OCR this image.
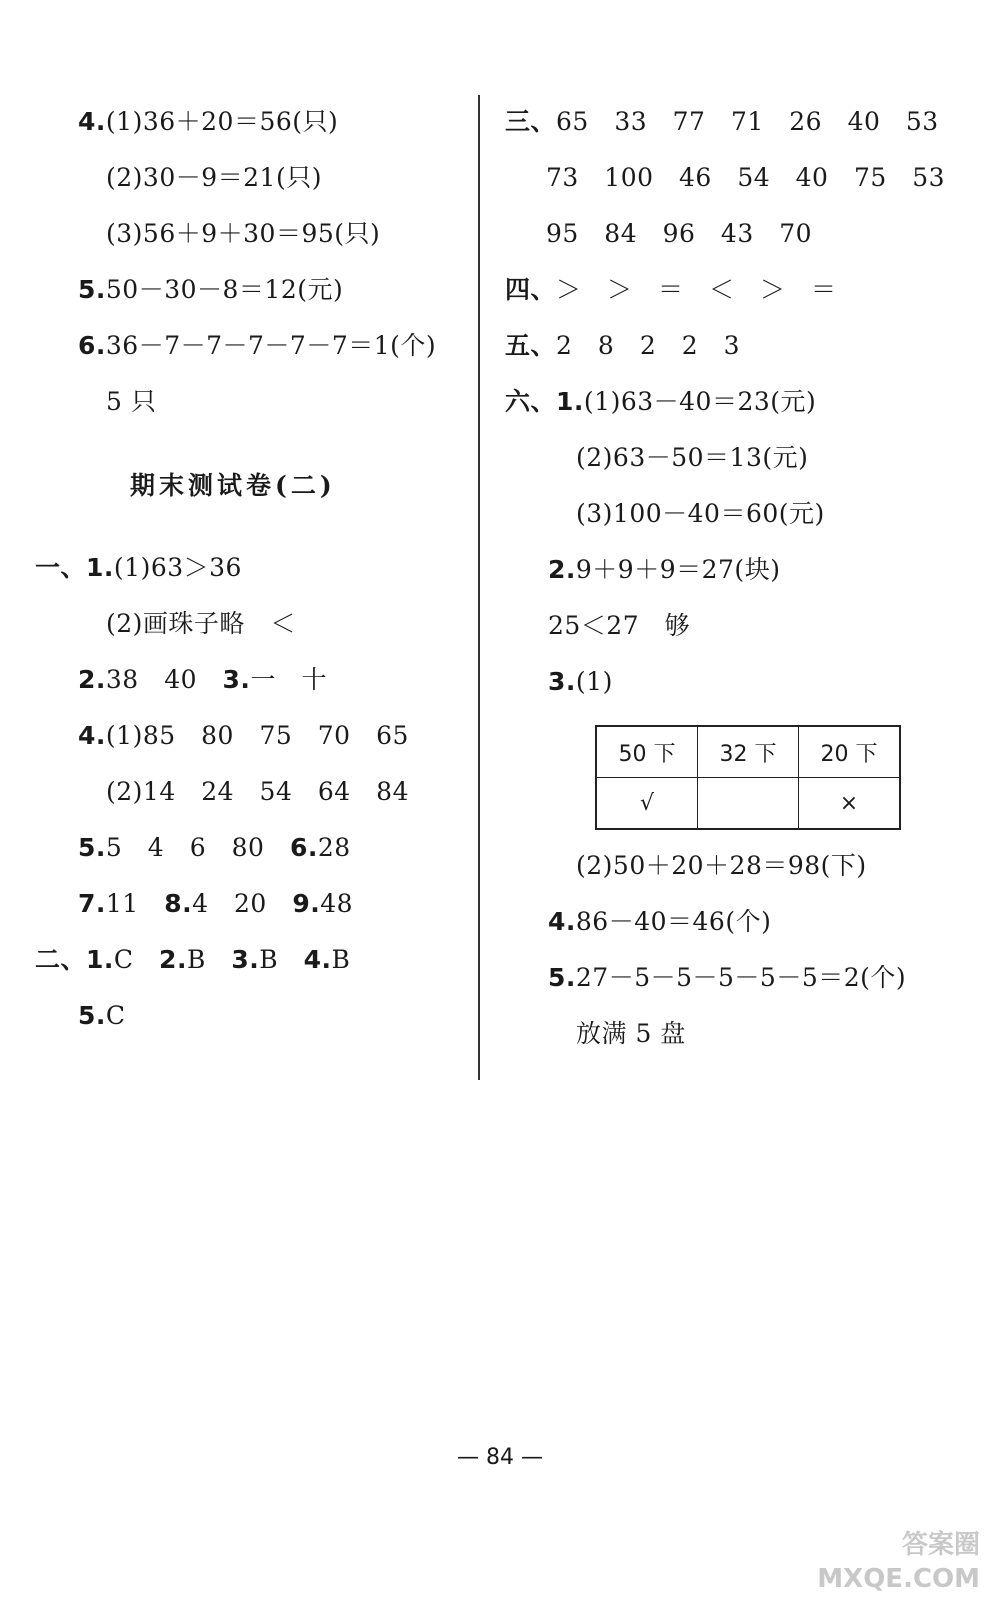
4.(1)36＋20＝56(只)
(2)30－9＝21(只)
(3)56＋9＋30＝95(只)
5.50－30－8＝12(元)
6.36－7－7－7－7－7＝1(个)
5 只
期末测试卷(二)
一、1.(1)63＞36
(2)画珠子略　＜
2.38　40　3.一　十
4.(1)85　80　75　70　65
(2)14　24　54　64　84
5.5　4　6　80　6.28
7.11　8.4　20　9.48
二、1.C　2.B　3.B　4.B
5.C
三、65　33　77　71　26　40　53
73　100　46　54　40　75　53
95　84　96　43　70
四、＞　＞　＝　＜　＞　＝
五、2　8　2　2　3
六、1.(1)63－40＝23(元)
(2)63－50＝13(元)
(3)100－40＝60(元)
2.9＋9＋9＝27(块)
25＜27　够
3.(1)
50 下	32 下	20 下
√		×
(2)50＋20＋28＝98(下)
4.86－40＝46(个)
5.27－5－5－5－5－5＝2(个)
放满 5 盘
— 84 —
答案圈
MXQE.COM
